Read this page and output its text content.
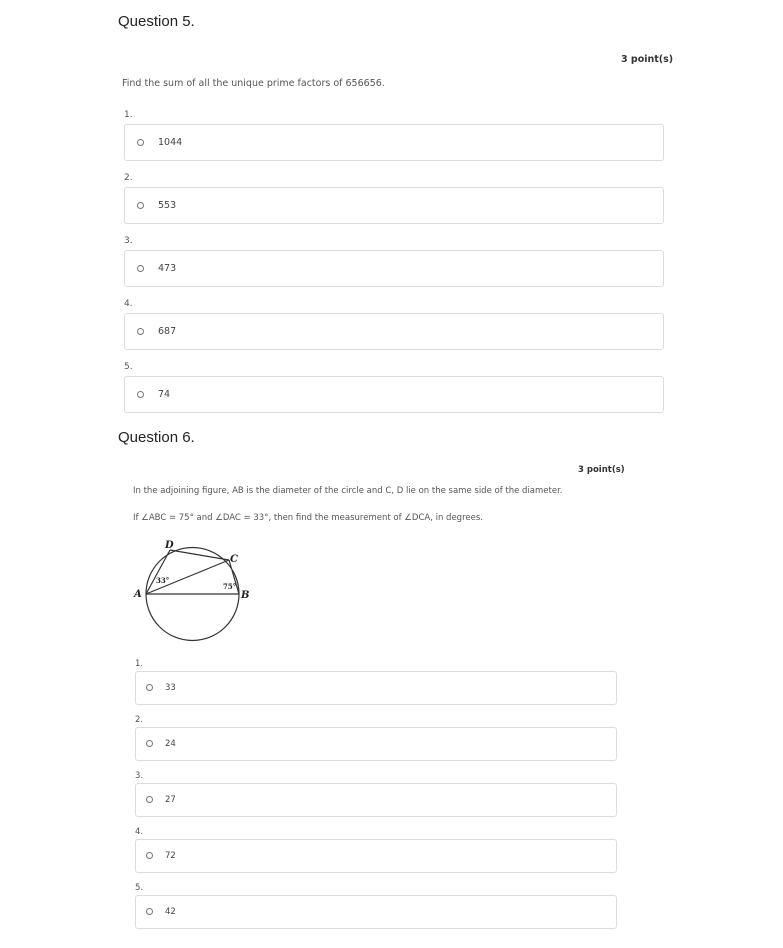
Question 5.
3 point(s)

Find the sum of all the unique prime factors of 656656.

1.
1044
2.
553
3.
473
4.
687
5.
74
Question 6.
3 point(s)

In the adjoining figure, AB is the diameter of the circle and C, D lie on the same side of the diameter.

If ∠ABC = 75° and ∠DAC = 33°, then find the measurement of ∠DCA, in degrees.

A	B
C
D
33°
75°
1.
33
2.
24
3.
27
4.
72
5.
42
